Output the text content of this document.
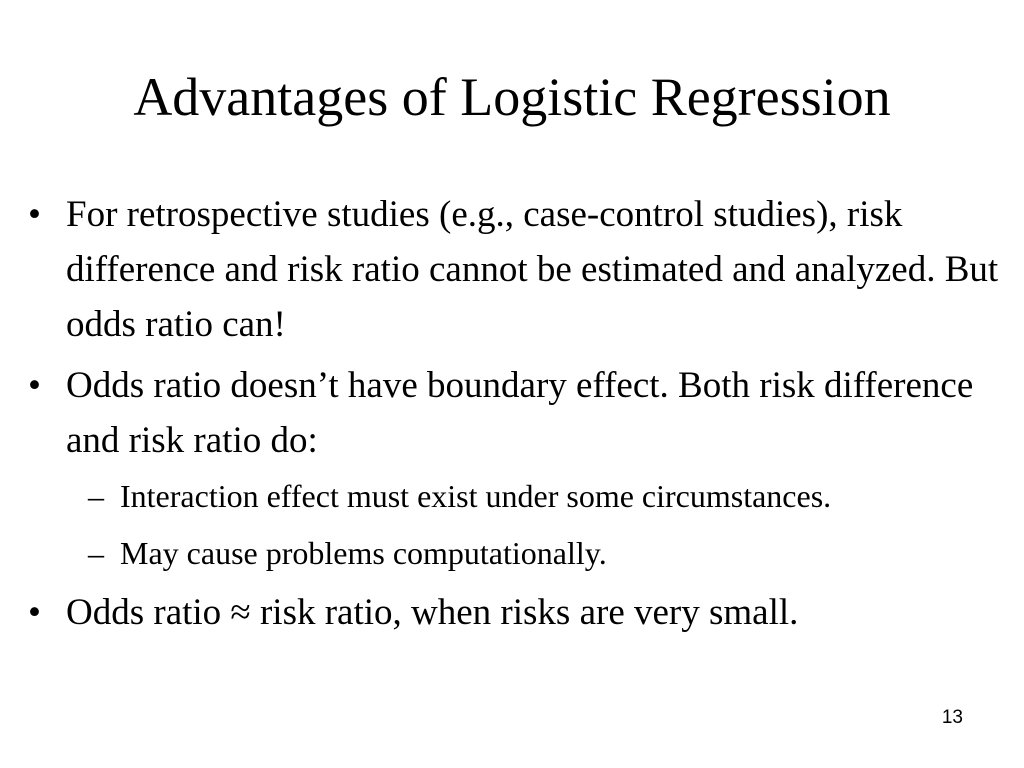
Advantages of Logistic Regression
• For retrospective studies (e.g., case-control studies), risk difference and risk ratio cannot be estimated and analyzed. But odds ratio can!
• Odds ratio doesn’t have boundary effect. Both risk difference and risk ratio do:
– Interaction effect must exist under some circumstances.
– May cause problems computationally.
• Odds ratio ≈ risk ratio, when risks are very small.
13
